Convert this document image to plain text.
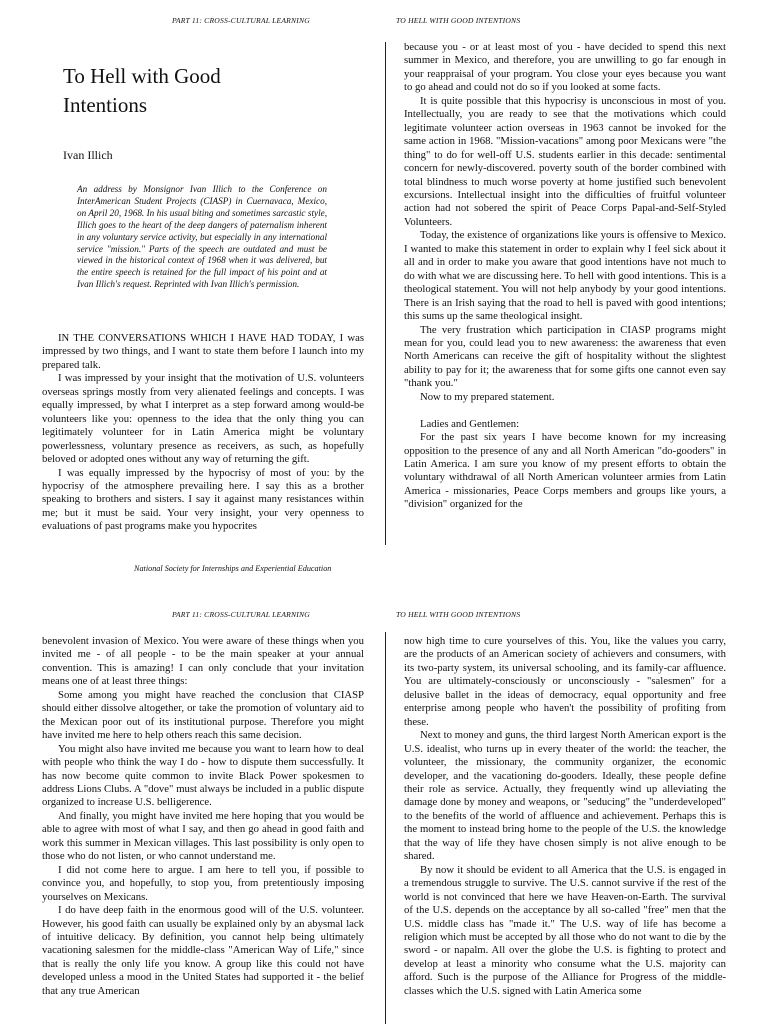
PART 11: CROSS-CULTURAL LEARNING	TO HELL WITH GOOD INTENTIONS
To Hell with Good
Intentions
Ivan Illich
An address by Monsignor Ivan Illich to the Conference on InterAmerican Student Projects (CIASP) in Cuernavaca, Mexico, on April 20, 1968. In his usual biting and sometimes sarcastic style, Illich goes to the heart of the deep dangers of paternalism inherent in any voluntary service activity, but especially in any international service "mission." Parts of the speech are outdated and must be viewed in the historical context of 1968 when it was delivered, but the entire speech is retained for the full impact of his point and at Ivan Illich's request. Reprinted with Ivan Illich's permission.

IN THE CONVERSATIONS WHICH I HAVE HAD TODAY, I was impressed by two things, and I want to state them before I launch into my prepared talk.

I was impressed by your insight that the motivation of U.S. volunteers overseas springs mostly from very alienated feelings and concepts. I was equally impressed, by what I interpret as a step forward among would-be volunteers like you: openness to the idea that the only thing you can legitimately volunteer for in Latin America might be voluntary powerlessness, voluntary presence as receivers, as such, as hopefully beloved or adopted ones without any way of returning the gift.

I was equally impressed by the hypocrisy of most of you: by the hypocrisy of the atmosphere prevailing here. I say this as a brother speaking to brothers and sisters. I say it against many resistances within me; but it must be said. Your very insight, your very openness to evaluations of past programs make you hypocrites

because you - or at least most of you - have decided to spend this next summer in Mexico, and therefore, you are unwilling to go far enough in your reappraisal of your program. You close your eyes because you want to go ahead and could not do so if you looked at some facts.

It is quite possible that this hypocrisy is unconscious in most of you. Intellectually, you are ready to see that the motivations which could legitimate volunteer action overseas in 1963 cannot be invoked for the same action in 1968. "Mission-vacations" among poor Mexicans were "the thing" to do for well-off U.S. students earlier in this decade: sentimental concern for newly-discovered. poverty south of the border combined with total blindness to much worse poverty at home justified such benevolent excursions. Intellectual insight into the difficulties of fruitful volunteer action had not sobered the spirit of Peace Corps Papal-and-Self-Styled Volunteers.

Today, the existence of organizations like yours is offensive to Mexico. I wanted to make this statement in order to explain why I feel sick about it all and in order to make you aware that good intentions have not much to do with what we are discussing here. To hell with good intentions. This is a theological statement. You will not help anybody by your good intentions. There is an Irish saying that the road to hell is paved with good intentions; this sums up the same theological insight.

The very frustration which participation in CIASP programs might mean for you, could lead you to new awareness: the awareness that even North Americans can receive the gift of hospitality without the slightest ability to pay for it; the awareness that for some gifts one cannot even say "thank you."

Now to my prepared statement.

Ladies and Gentlemen:

For the past six years I have become known for my increasing opposition to the presence of any and all North American "do-gooders" in Latin America. I am sure you know of my present efforts to obtain the voluntary withdrawal of all North American volunteer armies from Latin America - missionaries, Peace Corps members and groups like yours, a "division" organized for the

National Society for Internships and Experiential Education
PART 11: CROSS-CULTURAL LEARNING	TO HELL WITH GOOD INTENTIONS

benevolent invasion of Mexico. You were aware of these things when you invited me - of all people - to be the main speaker at your annual convention. This is amazing! I can only conclude that your invitation means one of at least three things:

Some among you might have reached the conclusion that CIASP should either dissolve altogether, or take the promotion of voluntary aid to the Mexican poor out of its institutional purpose. Therefore you might have invited me here to help others reach this same decision.

You might also have invited me because you want to learn how to deal with people who think the way I do - how to dispute them successfully. It has now become quite common to invite Black Power spokesmen to address Lions Clubs. A "dove" must always be included in a public dispute organized to increase U.S. belligerence.

And finally, you might have invited me here hoping that you would be able to agree with most of what I say, and then go ahead in good faith and work this summer in Mexican villages. This last possibility is only open to those who do not listen, or who cannot understand me.

I did not come here to argue. I am here to tell you, if possible to convince you, and hopefully, to stop you, from pretentiously imposing yourselves on Mexicans.

I do have deep faith in the enormous good will of the U.S. volunteer. However, his good faith can usually be explained only by an abysmal lack of intuitive delicacy. By definition, you cannot help being ultimately vacationing salesmen for the middle-class "American Way of Life," since that is really the only life you know. A group like this could not have developed unless a mood in the United States had supported it - the belief that any true American

now high time to cure yourselves of this. You, like the values you carry, are the products of an American society of achievers and consumers, with its two-party system, its universal schooling, and its family-car affluence. You are ultimately-consciously or unconsciously - "salesmen" for a delusive ballet in the ideas of democracy, equal opportunity and free enterprise among people who haven't the possibility of profiting from these.

Next to money and guns, the third largest North American export is the U.S. idealist, who turns up in every theater of the world: the teacher, the volunteer, the missionary, the community organizer, the economic developer, and the vacationing do-gooders. Ideally, these people define their role as service. Actually, they frequently wind up alleviating the damage done by money and weapons, or "seducing" the "underdeveloped" to the benefits of the world of affluence and achievement. Perhaps this is the moment to instead bring home to the people of the U.S. the knowledge that the way of life they have chosen simply is not alive enough to be shared.

By now it should be evident to all America that the U.S. is engaged in a tremendous struggle to survive. The U.S. cannot survive if the rest of the world is not convinced that here we have Heaven-on-Earth. The survival of the U.S. depends on the acceptance by all so-called "free" men that the U.S. middle class has "made it." The U.S. way of life has become a religion which must be accepted by all those who do not want to die by the sword - or napalm. All over the globe the U.S. is fighting to protect and develop at least a minority who consume what the U.S. majority can afford. Such is the purpose of the Alliance for Progress of the middle-classes which the U.S. signed with Latin America some
